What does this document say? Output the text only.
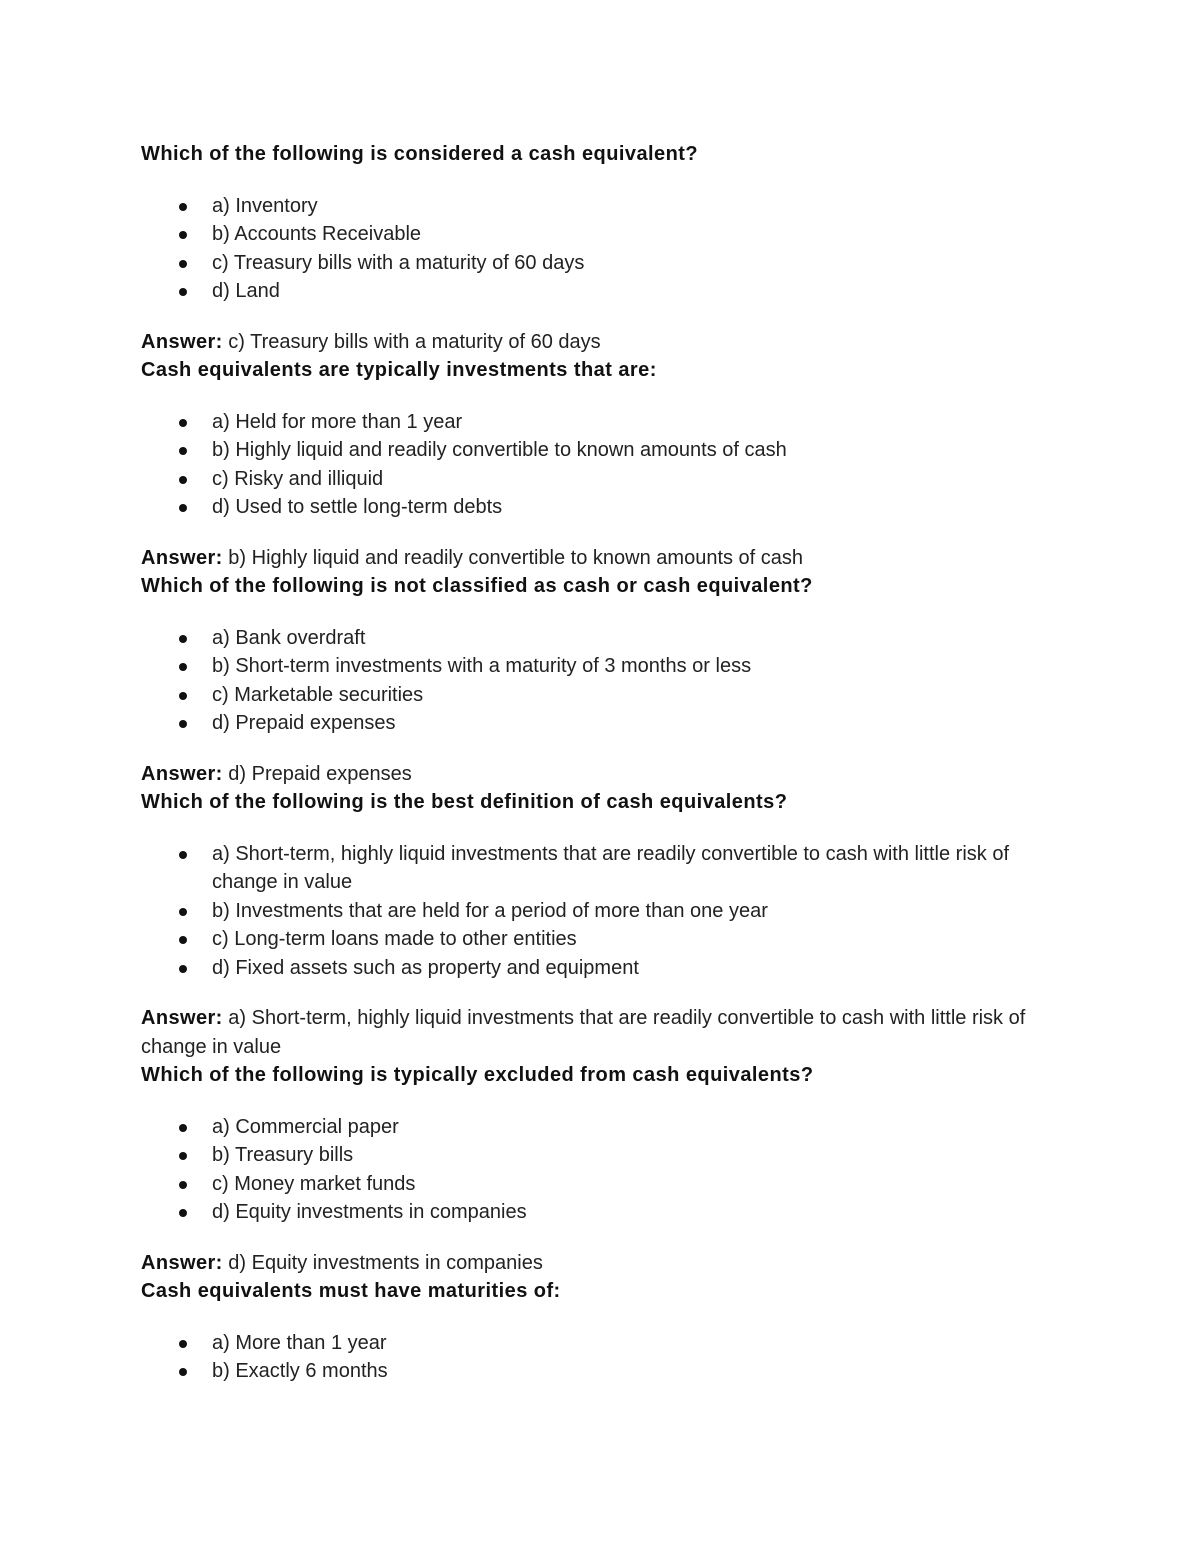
Which of the following is considered a cash equivalent?

a) Inventory
b) Accounts Receivable
c) Treasury bills with a maturity of 60 days
d) Land

Answer: c) Treasury bills with a maturity of 60 days

Cash equivalents are typically investments that are:

a) Held for more than 1 year
b) Highly liquid and readily convertible to known amounts of cash
c) Risky and illiquid
d) Used to settle long-term debts

Answer: b) Highly liquid and readily convertible to known amounts of cash

Which of the following is not classified as cash or cash equivalent?

a) Bank overdraft
b) Short-term investments with a maturity of 3 months or less
c) Marketable securities
d) Prepaid expenses

Answer: d) Prepaid expenses

Which of the following is the best definition of cash equivalents?

a) Short-term, highly liquid investments that are readily convertible to cash with little risk of change in value
b) Investments that are held for a period of more than one year
c) Long-term loans made to other entities
d) Fixed assets such as property and equipment

Answer: a) Short-term, highly liquid investments that are readily convertible to cash with little risk of change in value

Which of the following is typically excluded from cash equivalents?

a) Commercial paper
b) Treasury bills
c) Money market funds
d) Equity investments in companies

Answer: d) Equity investments in companies

Cash equivalents must have maturities of:

a) More than 1 year
b) Exactly 6 months
